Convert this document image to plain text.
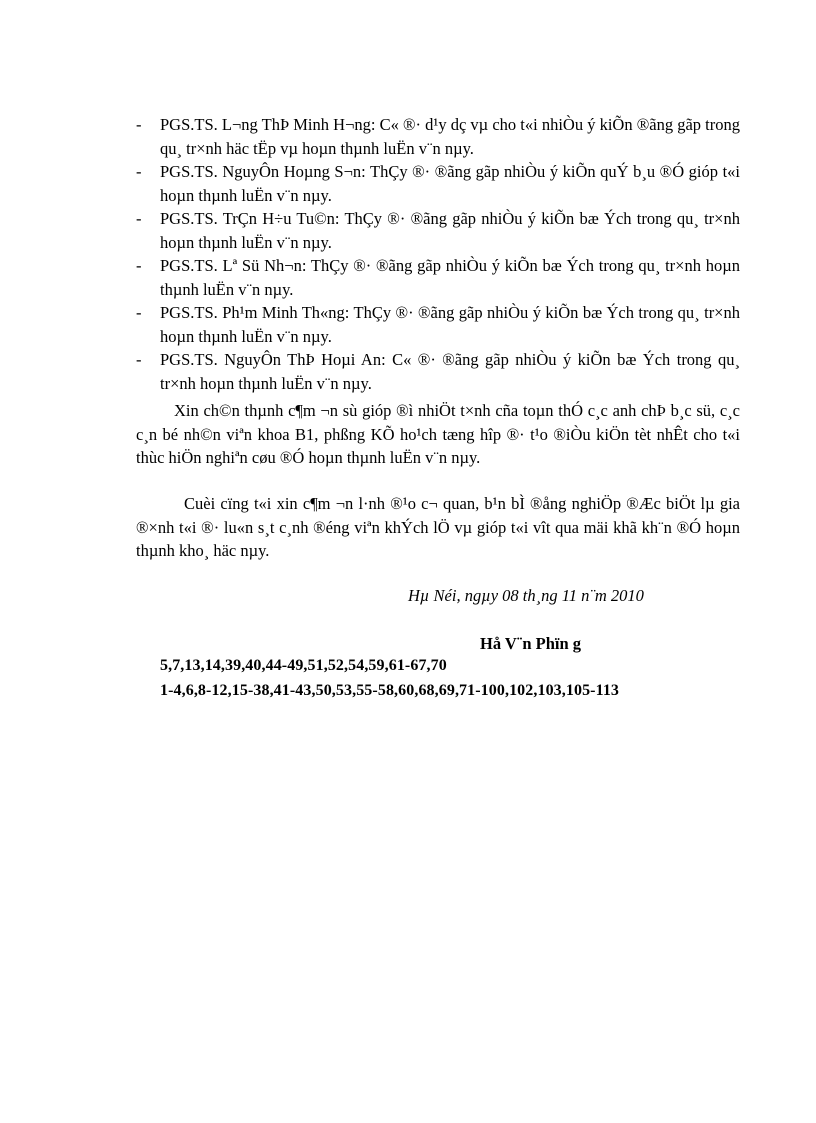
- PGS.TS. L¬ng ThÞ Minh H¬ng: C« ®· d¹y dç vµ cho t«i nhiÒu ý kiÕn ®ãng gãp trong qu¸ tr×nh häc tËp vµ hoµn thµnh luËn v¨n nµy.
- PGS.TS. NguyÔn Hoµng S¬n: ThÇy ®· ®ãng gãp nhiÒu ý kiÕn quÝ b¸u ®Ó gióp t«i hoµn thµnh luËn v¨n nµy.
- PGS.TS. TrÇn H÷u Tu©n: ThÇy ®· ®ãng gãp nhiÒu ý kiÕn bæ Ých trong qu¸ tr×nh hoµn thµnh luËn v¨n nµy.
- PGS.TS. Lª Sü Nh¬n: ThÇy ®· ®ãng gãp nhiÒu ý kiÕn bæ Ých trong qu¸ tr×nh hoµn thµnh luËn v¨n nµy.
- PGS.TS. Ph¹m Minh Th«ng: ThÇy ®· ®ãng gãp nhiÒu ý kiÕn bæ Ých trong qu¸ tr×nh hoµn thµnh luËn v¨n nµy.
- PGS.TS. NguyÔn ThÞ Hoµi An: C« ®· ®ãng gãp nhiÒu ý kiÕn bæ Ých trong qu¸ tr×nh hoµn thµnh luËn v¨n nµy.

Xin ch©n thµnh c¶m ¬n sù gióp ®ì nhiÖt t×nh cña toµn thÓ c¸c anh chÞ b¸c sü, c¸c c¸n bé nh©n viªn khoa B1, phßng KÕ ho¹ch tæng hîp ®· t¹o ®iÒu kiÖn tèt nhÊt cho t«i thùc hiÖn nghiªn cøu ®Ó hoµn thµnh luËn v¨n nµy.

Cuèi cïng t«i xin c¶m ¬n l·nh ®¹o c¬ quan, b¹n bÌ ®ång nghiÖp ®Æc biÖt lµ gia ®×nh t«i ®· lu«n s¸t c¸nh ®éng viªn khÝch lÖ vµ gióp t«i vît qua mäi khã kh¨n ®Ó hoµn thµnh kho¸ häc nµy.

Hµ Néi, ngµy 08 th¸ng 11 n¨m 2010

Hå V¨n Phïn g

5,7,13,14,39,40,44-49,51,52,54,59,61-67,70

1-4,6,8-12,15-38,41-43,50,53,55-58,60,68,69,71-100,102,103,105-113
